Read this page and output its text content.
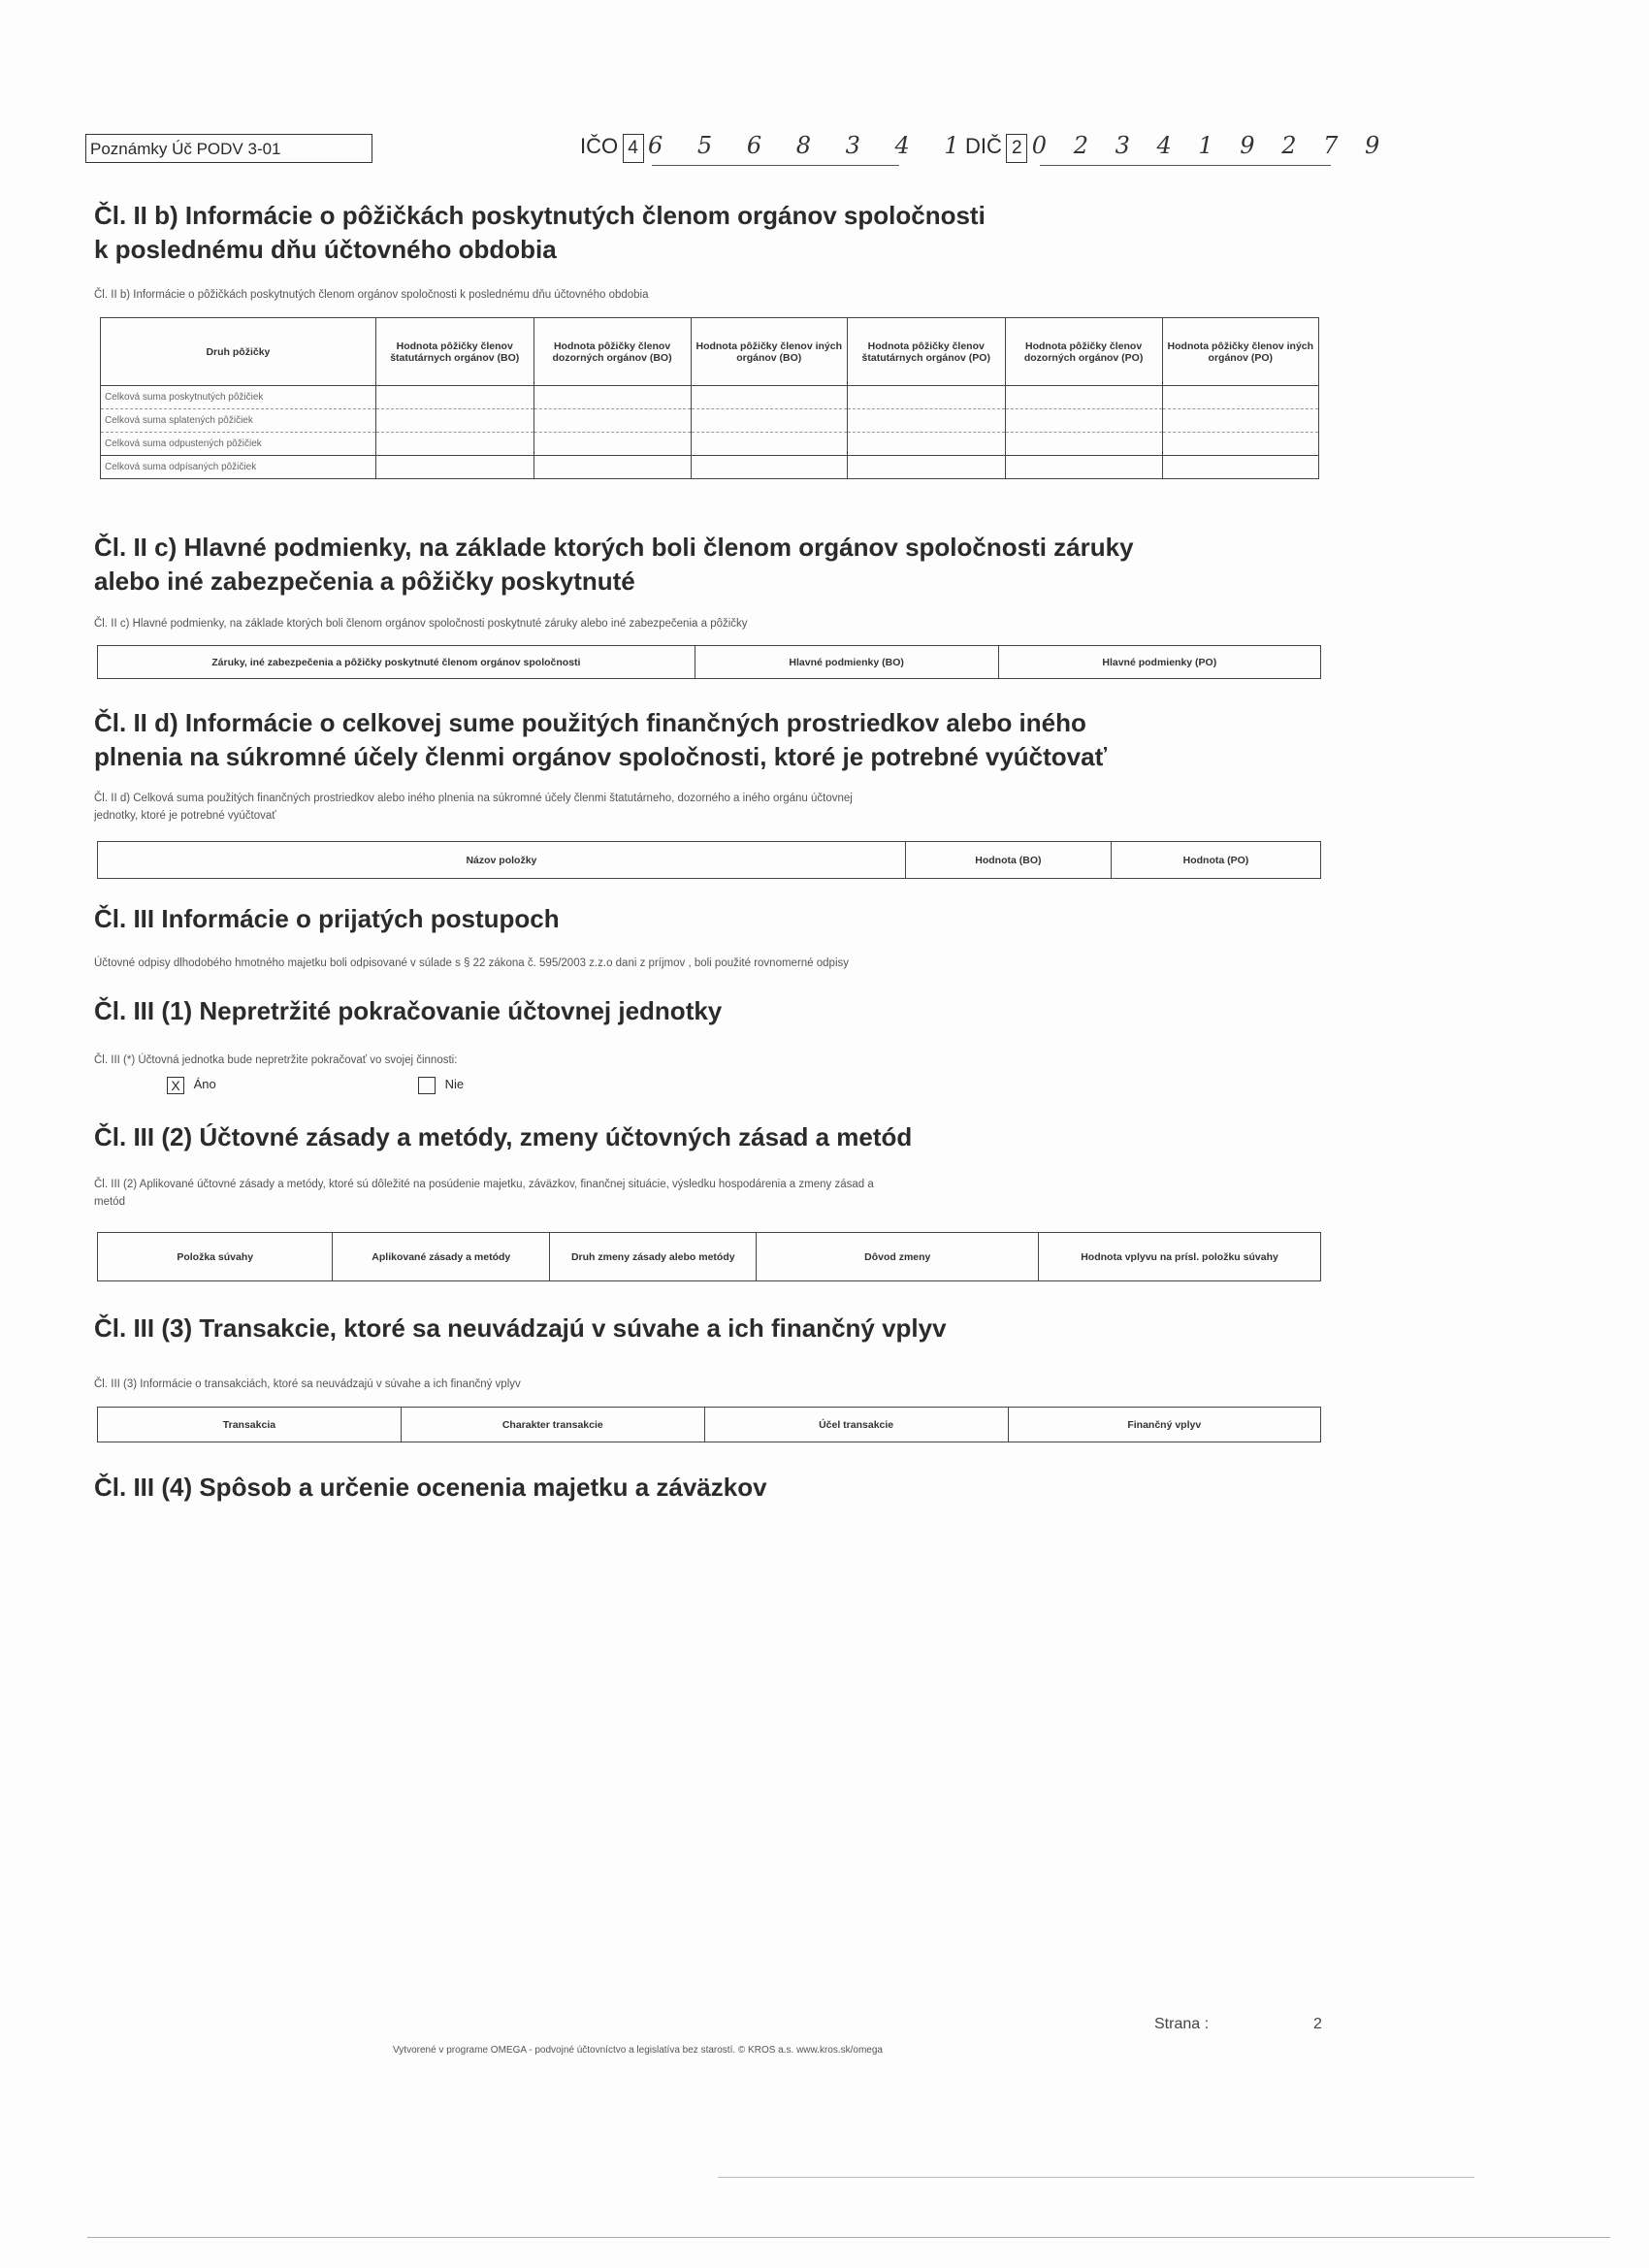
Poznámky Úč PODV 3-01	IČO 4 6 5 6 8 3 4 1
DIČ 2 0 2 3 4 1 9 2 7 9
Čl. II b) Informácie o pôžičkách poskytnutých členom orgánov spoločnosti
k poslednému dňu účtovného obdobia
Čl. II b) Informácie o pôžičkách poskytnutých členom orgánov spoločnosti k poslednému dňu účtovného obdobia
Druh pôžičky	Hodnota pôžičky členov štatutárnych orgánov (BO)	Hodnota pôžičky členov dozorných orgánov (BO)	Hodnota pôžičky členov iných orgánov (BO)	Hodnota pôžičky členov štatutárnych orgánov (PO)	Hodnota pôžičky členov dozorných orgánov (PO)	Hodnota pôžičky členov iných orgánov (PO)
Celková suma poskytnutých pôžičiek						
Celková suma splatených pôžičiek						
Celková suma odpustených pôžičiek						
Celková suma odpísaných pôžičiek						
Čl. II c) Hlavné podmienky, na základe ktorých boli členom orgánov spoločnosti záruky
alebo iné zabezpečenia a pôžičky poskytnuté
Čl. II c) Hlavné podmienky, na základe ktorých boli členom orgánov spoločnosti poskytnuté záruky alebo iné zabezpečenia a pôžičky
Záruky, iné zabezpečenia a pôžičky poskytnuté členom orgánov spoločnosti	Hlavné podmienky (BO)	Hlavné podmienky (PO)
Čl. II d) Informácie o celkovej sume použitých finančných prostriedkov alebo iného
plnenia na súkromné účely členmi orgánov spoločnosti, ktoré je potrebné vyúčtovať
Čl. II d) Celková suma použitých finančných prostriedkov alebo iného plnenia na súkromné účely členmi štatutárneho, dozorného a iného orgánu účtovnej
jednotky, ktoré je potrebné vyúčtovať
Názov položky	Hodnota (BO)	Hodnota (PO)
Čl. III Informácie o prijatých postupoch
Účtovné odpisy dlhodobého hmotného majetku boli odpisované v súlade s § 22 zákona č. 595/2003 z.z.o dani z príjmov , boli použité rovnomerné odpisy
Čl. III (1) Nepretržité pokračovanie účtovnej jednotky
Čl. III (*) Účtovná jednotka bude nepretržite pokračovať vo svojej činnosti:
X Áno	Nie
Čl. III (2) Účtovné zásady a metódy, zmeny účtovných zásad a metód
Čl. III (2) Aplikované účtovné zásady a metódy, ktoré sú dôležité na posúdenie majetku, záväzkov, finančnej situácie, výsledku hospodárenia a zmeny zásad a
metód
Položka súvahy	Aplikované zásady a metódy	Druh zmeny zásady alebo metódy	Dôvod zmeny	Hodnota vplyvu na prísl. položku súvahy
Čl. III (3) Transakcie, ktoré sa neuvádzajú v súvahe a ich finančný vplyv
Čl. III (3) Informácie o transakciách, ktoré sa neuvádzajú v súvahe a ich finančný vplyv
Transakcia	Charakter transakcie	Účel transakcie	Finančný vplyv
Čl. III (4) Spôsob a určenie ocenenia majetku a záväzkov
Strana :	2
Vytvorené v programe OMEGA - podvojné účtovníctvo a legislatíva bez starostí. © KROS a.s. www.kros.sk/omega
